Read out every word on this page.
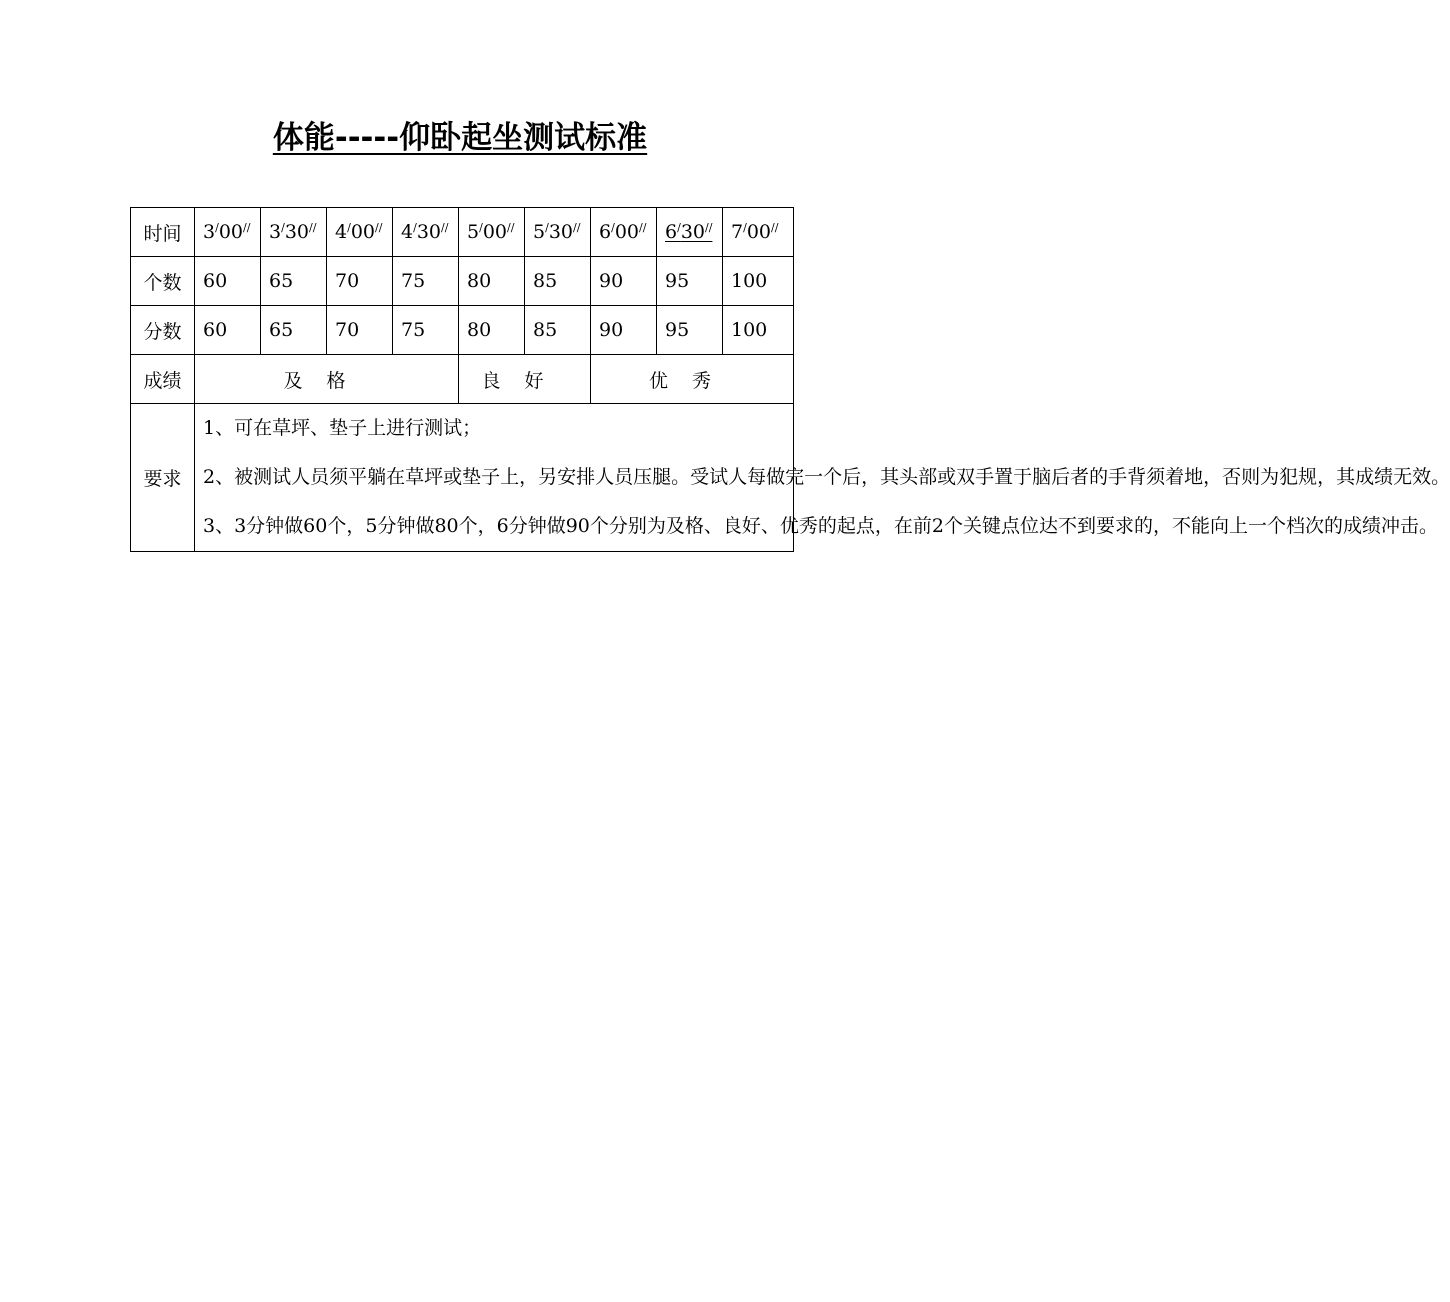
体能-----仰卧起坐测试标准
时间	3/00//	3/30//	4/00//	4/30//	5/00//	5/30//	6/00//	6/30//	7/00//
个数	60	65	70	75	80	85	90	95	100
分数	60	65	70	75	80	85	90	95	100
成绩	及格				良好		优秀		
要求	1、可在草坪、垫子上进行测试；

2、被测试人员须平躺在草坪或垫子上，另安排人员压腿。受试人每做完一个后，其头部或双手置于脑后者的手背须着地，否则为犯规，其成绩无效。

3、3分钟做60个，5分钟做80个，6分钟做90个分别为及格、良好、优秀的起点，在前2个关键点位达不到要求的，不能向上一个档次的成绩冲击。								
